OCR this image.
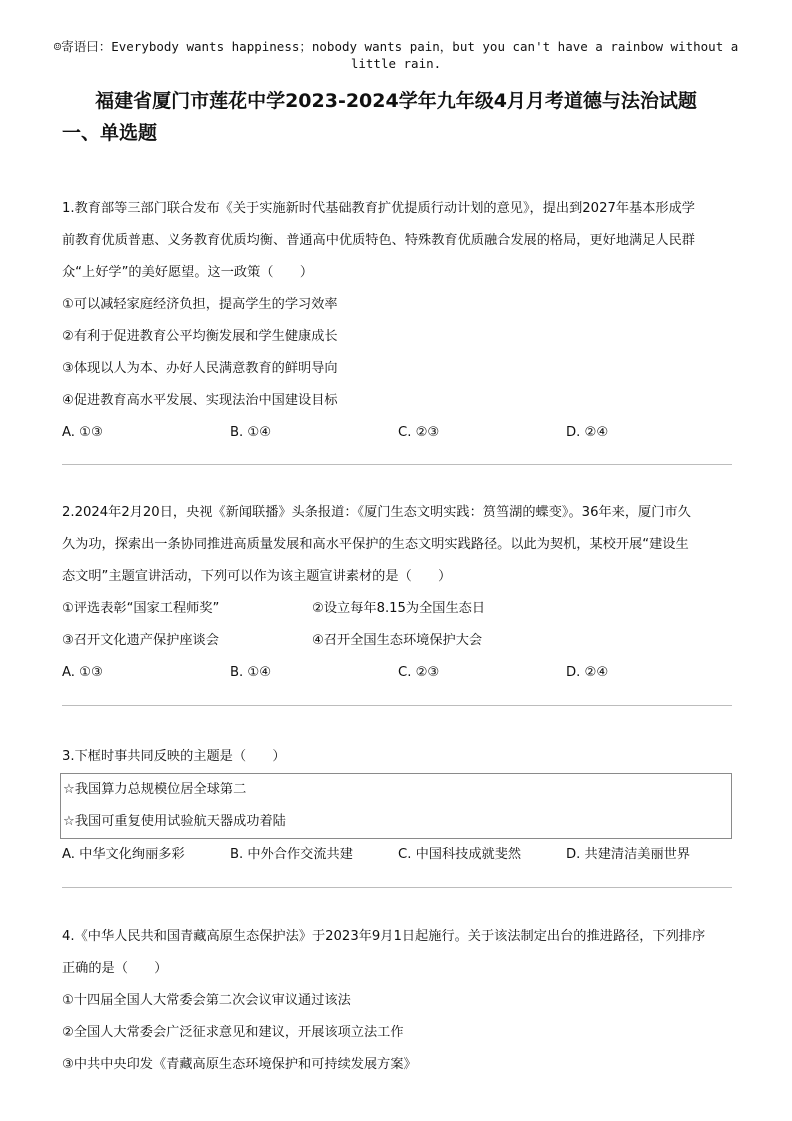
☺寄语曰：Everybody wants happiness；nobody wants pain，but you can't have a rainbow without a
little rain.
福建省厦门市莲花中学2023-2024学年九年级4月月考道德与法治试题
一、单选题
1.教育部等三部门联合发布《关于实施新时代基础教育扩优提质行动计划的意见》，提出到2027年基本形成学
前教育优质普惠、义务教育优质均衡、普通高中优质特色、特殊教育优质融合发展的格局，更好地满足人民群
众“上好学”的美好愿望。这一政策（　　）
①可以减轻家庭经济负担，提高学生的学习效率
②有利于促进教育公平均衡发展和学生健康成长
③体现以人为本、办好人民满意教育的鲜明导向
④促进教育高水平发展、实现法治中国建设目标
A. ①③	B. ①④	C. ②③	D. ②④
2.2024年2月20日，央视《新闻联播》头条报道：《厦门生态文明实践：筼筜湖的蝶变》。36年来，厦门市久
久为功，探索出一条协同推进高质量发展和高水平保护的生态文明实践路径。以此为契机，某校开展“建设生
态文明”主题宣讲活动，下列可以作为该主题宣讲素材的是（　　）
①评选表彰“国家工程师奖”	②设立每年8.15为全国生态日
③召开文化遗产保护座谈会	④召开全国生态环境保护大会
A. ①③	B. ①④	C. ②③	D. ②④
3.下框时事共同反映的主题是（　　）
☆我国算力总规模位居全球第二
☆我国可重复使用试验航天器成功着陆
A. 中华文化绚丽多彩	B. 中外合作交流共建	C. 中国科技成就斐然	D. 共建清洁美丽世界
4.《中华人民共和国青藏高原生态保护法》于2023年9月1日起施行。关于该法制定出台的推进路径，下列排序
正确的是（　　）
①十四届全国人大常委会第二次会议审议通过该法
②全国人大常委会广泛征求意见和建议，开展该项立法工作
③中共中央印发《青藏高原生态环境保护和可持续发展方案》
